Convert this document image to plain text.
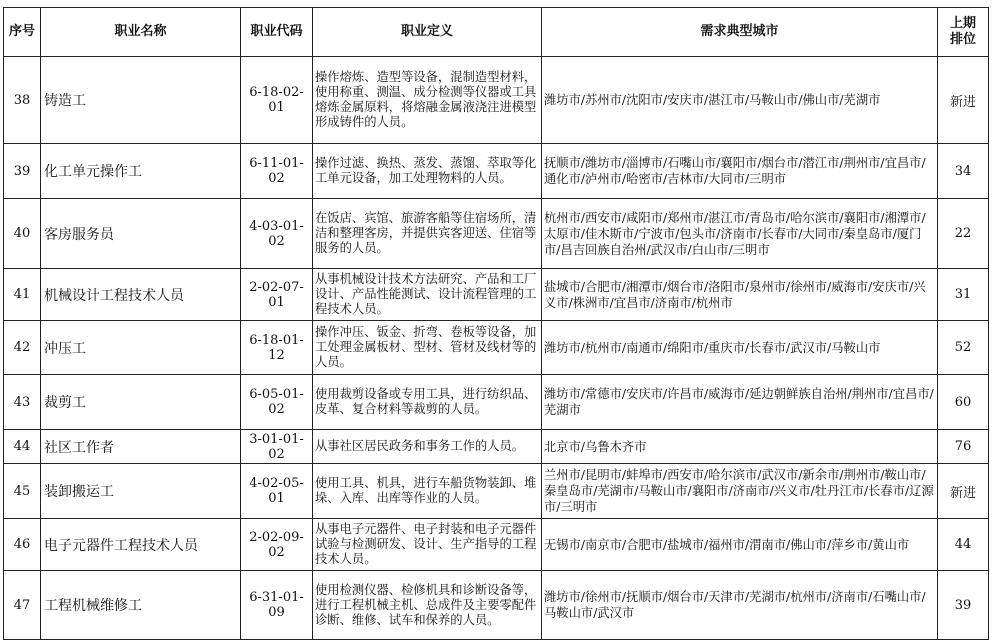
序号	职业名称	职业代码	职业定义	需求典型城市	上期排位

38	铸造工	6-18-02-01	操作熔炼、造型等设备，混制造型材料，使用称重、测温、成分检测等仪器或工具熔炼金属原料，将熔融金属液浇注进模型形成铸件的人员。	潍坊市/苏州市/沈阳市/安庆市/湛江市/马鞍山市/佛山市/芜湖市	新进
39	化工单元操作工	6-11-01-02	操作过滤、换热、蒸发、蒸馏、萃取等化工单元设备，加工处理物料的人员。	抚顺市/潍坊市/淄博市/石嘴山市/襄阳市/烟台市/潜江市/荆州市/宜昌市/通化市/泸州市/哈密市/吉林市/大同市/三明市	34
40	客房服务员	4-03-01-02	在饭店、宾馆、旅游客船等住宿场所，清洁和整理客房，并提供宾客迎送、住宿等服务的人员。	杭州市/西安市/咸阳市/郑州市/湛江市/青岛市/哈尔滨市/襄阳市/湘潭市/太原市/佳木斯市/宁波市/包头市/济南市/长春市/大同市/秦皇岛市/厦门市/昌吉回族自治州/武汉市/白山市/三明市	22
41	机械设计工程技术人员	2-02-07-01	从事机械设计技术方法研究、产品和工厂设计、产品性能测试、设计流程管理的工程技术人员。	盐城市/合肥市/湘潭市/烟台市/洛阳市/泉州市/徐州市/威海市/安庆市/兴义市/株洲市/宜昌市/济南市/杭州市	31
42	冲压工	6-18-01-12	操作冲压、钣金、折弯、卷板等设备，加工处理金属板材、型材、管材及线材等的人员。	潍坊市/杭州市/南通市/绵阳市/重庆市/长春市/武汉市/马鞍山市	52
43	裁剪工	6-05-01-02	使用裁剪设备或专用工具，进行纺织品、皮革、复合材料等裁剪的人员。	潍坊市/常德市/安庆市/许昌市/威海市/延边朝鲜族自治州/荆州市/宜昌市/芜湖市	60
44	社区工作者	3-01-01-02	从事社区居民政务和事务工作的人员。	北京市/乌鲁木齐市	76
45	装卸搬运工	4-02-05-01	使用工具、机具，进行车船货物装卸、堆垛、入库、出库等作业的人员。	兰州市/昆明市/蚌埠市/西安市/哈尔滨市/武汉市/新余市/荆州市/鞍山市/秦皇岛市/芜湖市/马鞍山市/襄阳市/济南市/兴义市/牡丹江市/长春市/辽源市/三明市	新进
46	电子元器件工程技术人员	2-02-09-02	从事电子元器件、电子封装和电子元器件试验与检测研发、设计、生产指导的工程技术人员。	无锡市/南京市/合肥市/盐城市/福州市/渭南市/佛山市/萍乡市/黄山市	44
47	工程机械维修工	6-31-01-09	使用检测仪器、检修机具和诊断设备等，进行工程机械主机、总成件及主要零配件诊断、维修、试车和保养的人员。	潍坊市/徐州市/抚顺市/烟台市/天津市/芜湖市/杭州市/济南市/石嘴山市/马鞍山市/武汉市	39
